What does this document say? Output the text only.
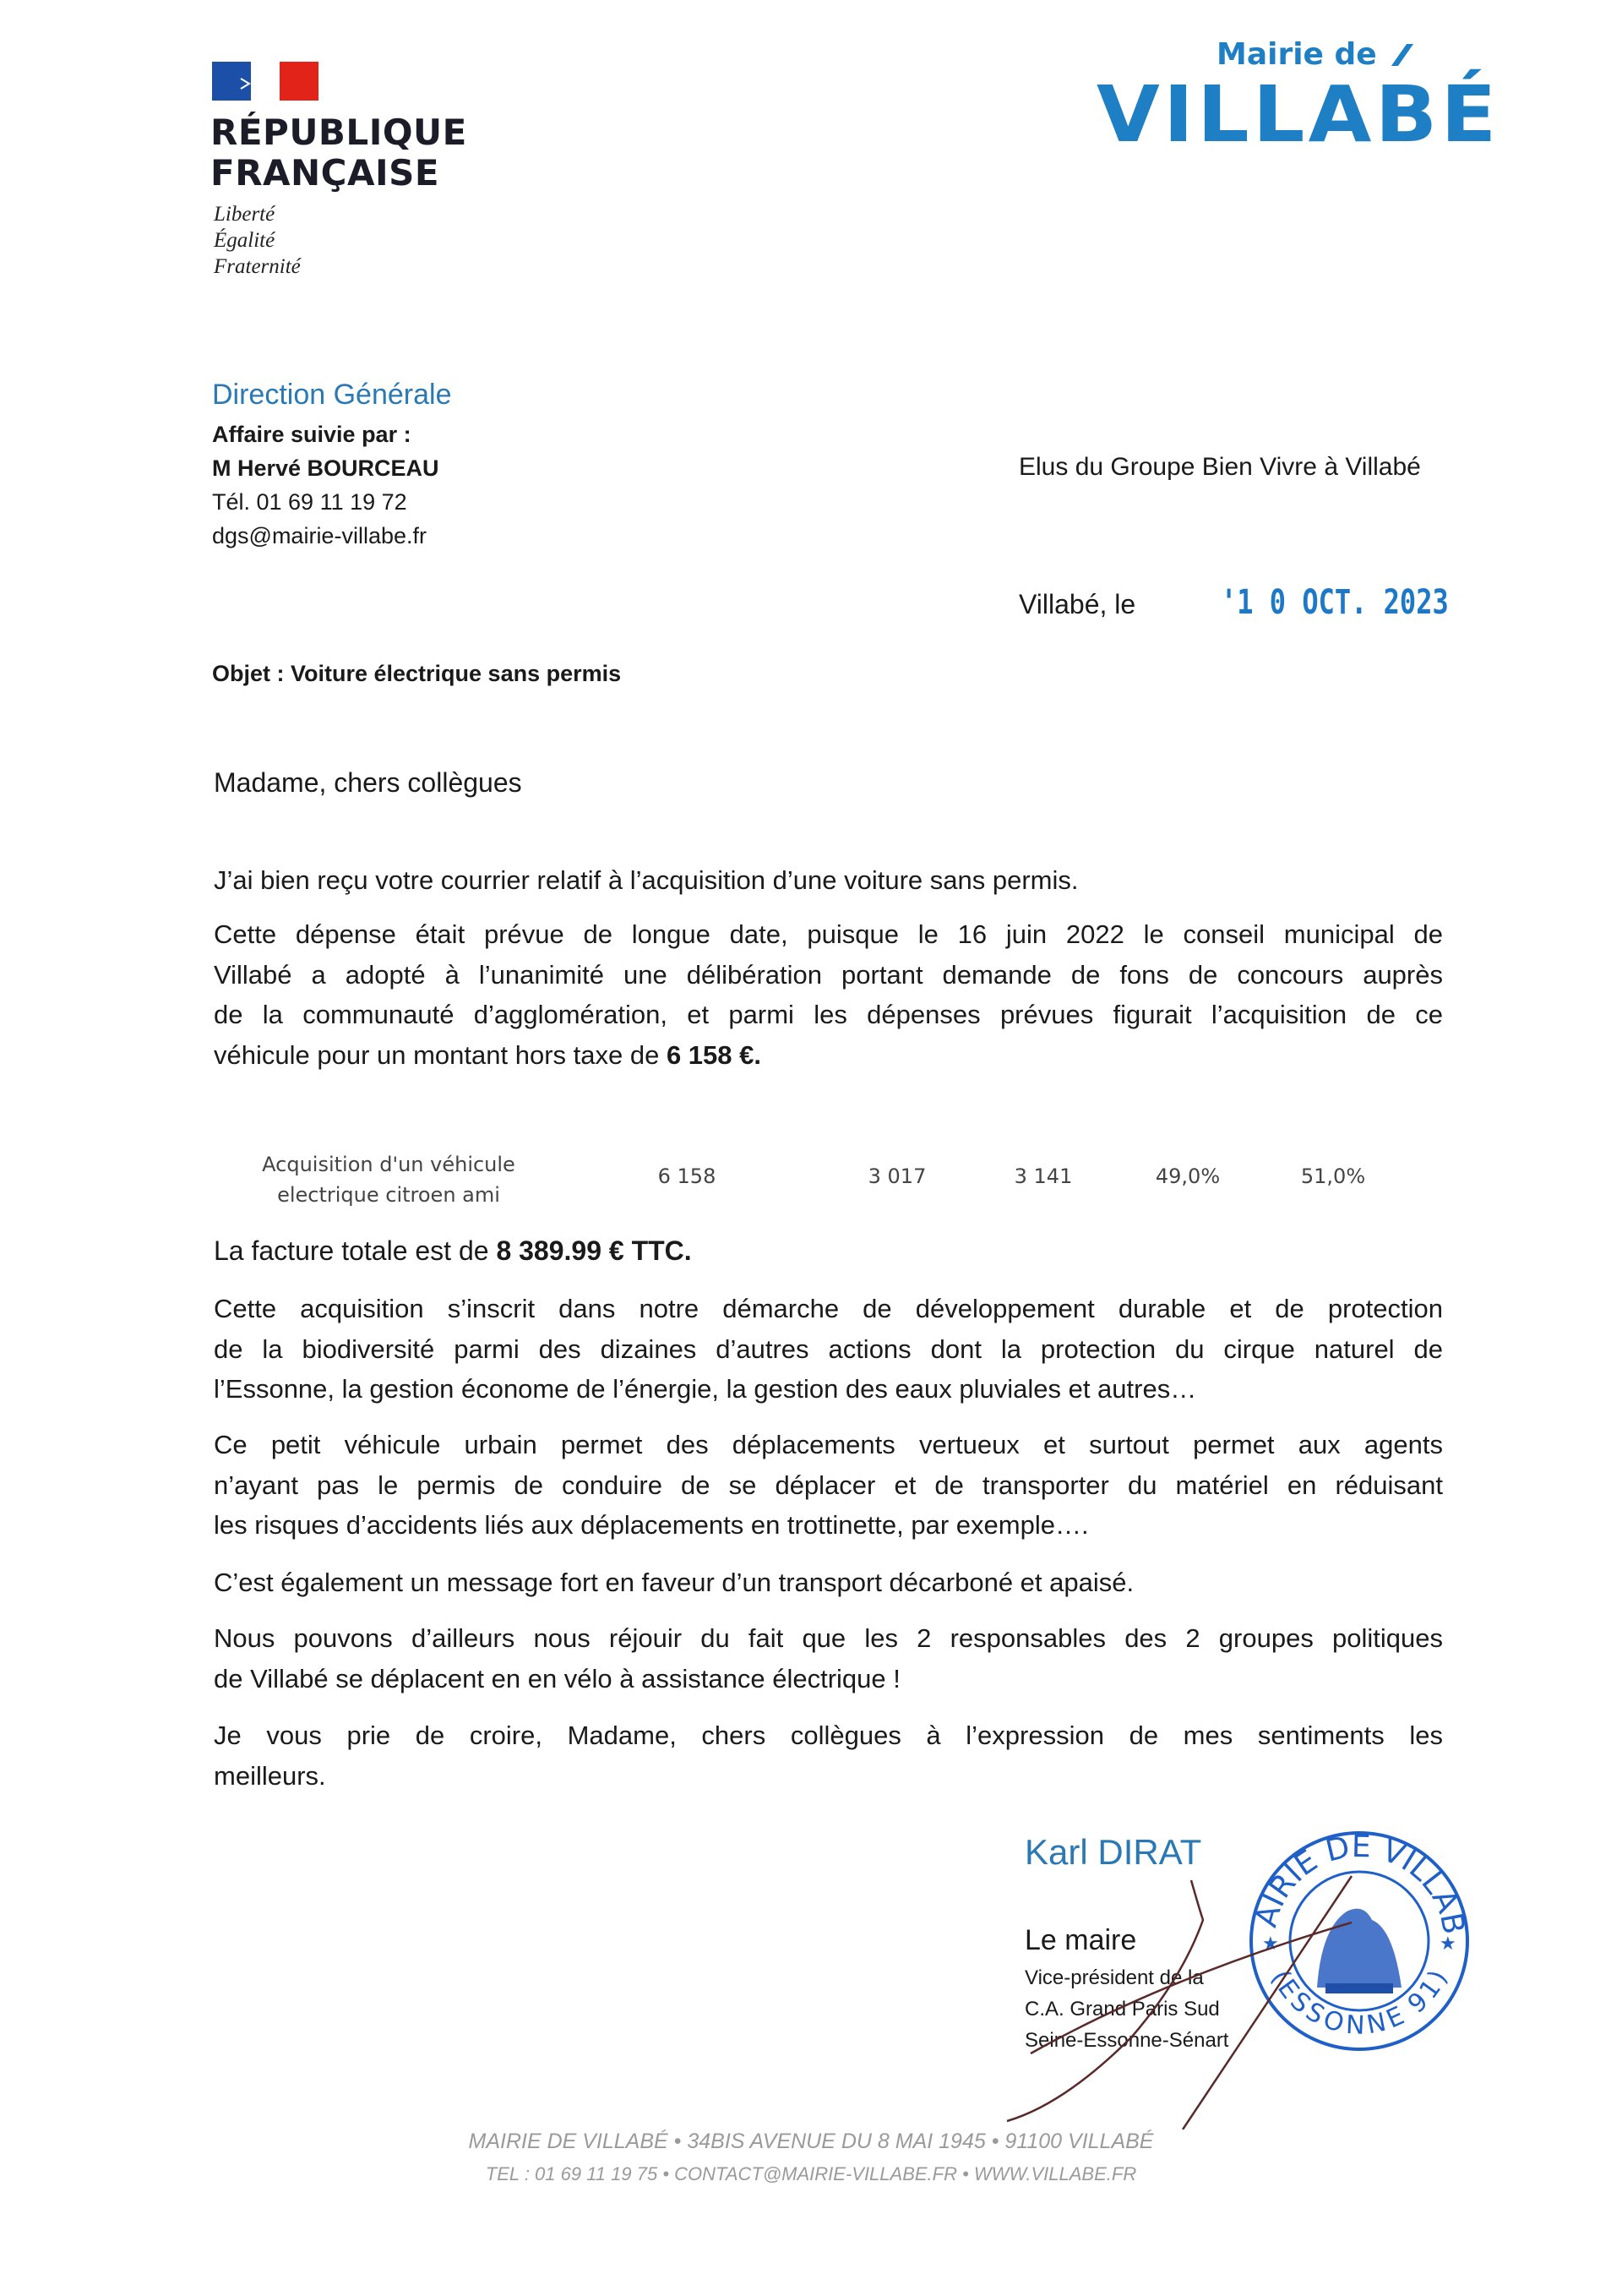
RÉPUBLIQUE
FRANÇAISE
Liberté
Égalité
Fraternité
Mairie de
VILLABÉ
Direction Générale
Affaire suivie par :
M Hervé BOURCEAU
Tél. 01 69 11 19 72
dgs@mairie-villabe.fr
Elus du Groupe Bien Vivre à Villabé
Villabé, le	'1 0 OCT. 2023
Objet : Voiture électrique sans permis
Madame, chers collègues
J’ai bien reçu votre courrier relatif à l’acquisition d’une voiture sans permis.
Cette dépense était prévue de longue date, puisque le 16 juin 2022 le conseil municipal de
Villabé a adopté à l’unanimité une délibération portant demande de fons de concours auprès
de la communauté d’agglomération, et parmi les dépenses prévues figurait l’acquisition de ce
véhicule pour un montant hors taxe de 6 158 €.
Acquisition d'un véhicule
electrique citroen ami
6 158	3 017	3 141	49,0%	51,0%
La facture totale est de 8 389.99 € TTC.
Cette acquisition s’inscrit dans notre démarche de développement durable et de protection
de la biodiversité parmi des dizaines d’autres actions dont la protection du cirque naturel de
l’Essonne, la gestion économe de l’énergie, la gestion des eaux pluviales et autres…
Ce petit véhicule urbain permet des déplacements vertueux et surtout permet aux agents
n’ayant pas le permis de conduire de se déplacer et de transporter du matériel en réduisant
les risques d’accidents liés aux déplacements en trottinette, par exemple….
C’est également un message fort en faveur d’un transport décarboné et apaisé.
Nous pouvons d’ailleurs nous réjouir du fait que les 2 responsables des 2 groupes politiques
de Villabé se déplacent en en vélo à assistance électrique !
Je vous prie de croire, Madame, chers collègues à l’expression de mes sentiments les
meilleurs.
Karl DIRAT
Le maire
Vice-président de la
C.A. Grand Paris Sud
Seine-Essonne-Sénart
AIRIE DE VILLAB
(ESSONNE 91)
★	★
MAIRIE DE VILLABÉ • 34BIS AVENUE DU 8 MAI 1945 • 91100 VILLABÉ
TEL : 01 69 11 19 75 • CONTACT@MAIRIE-VILLABE.FR • WWW.VILLABE.FR
